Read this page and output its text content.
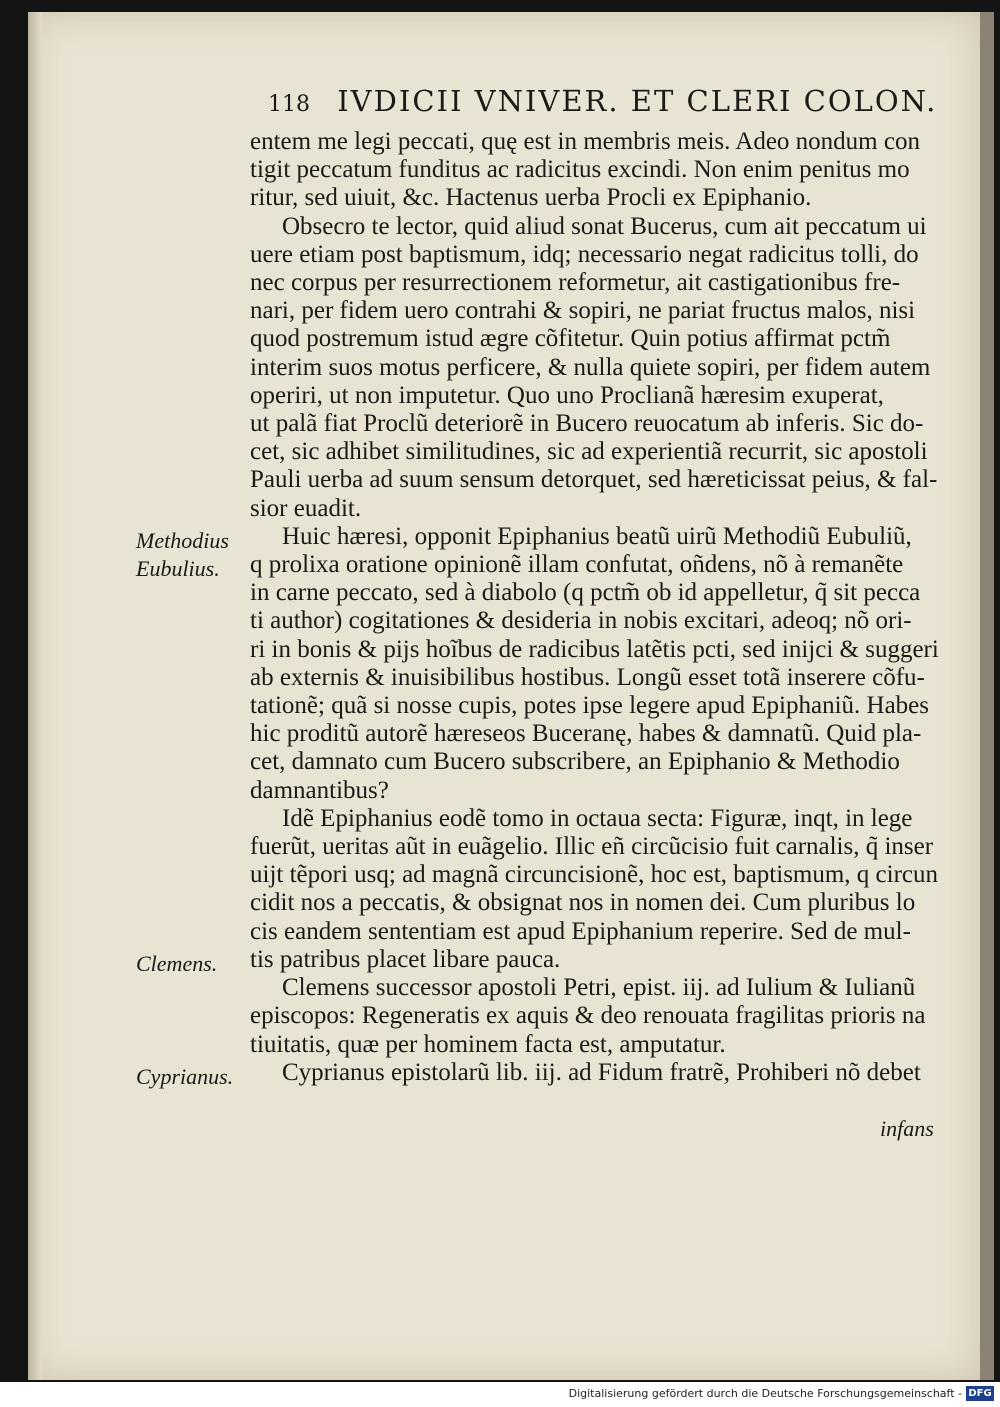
118 IVDICII VNIVER. ET CLERI COLON.
entem me legi peccati, quę est in membris meis. Adeo nondum con
tigit peccatum funditus ac radicitus excindi. Non enim penitus mo
ritur, sed uiuit, &c. Hactenus uerba Procli ex Epiphanio.
Obsecro te lector, quid aliud sonat Bucerus, cum ait peccatum ui
uere etiam post baptismum, idq; necessario negat radicitus tolli, do
nec corpus per resurrectionem reformetur, ait castigationibus fre-
nari, per fidem uero contrahi & sopiri, ne pariat fructus malos, nisi
quod postremum istud ægre cõfitetur. Quin potius affirmat pctm̃
interim suos motus perficere, & nulla quiete sopiri, per fidem autem
operiri, ut non imputetur. Quo uno Proclianã hæresim exuperat,
ut palã fiat Proclũ deteriorẽ in Bucero reuocatum ab inferis. Sic do-
cet, sic adhibet similitudines, sic ad experientiã recurrit, sic apostoli
Pauli uerba ad suum sensum detorquet, sed hæreticissat peius, & fal-
sior euadit.
Huic hæresi, opponit Epiphanius beatũ uirũ Methodiũ Eubuliũ,
q prolixa oratione opinionẽ illam confutat, oñdens, nõ à remanẽte
in carne peccato, sed à diabolo (q pctm̃ ob id appelletur, q̃ sit pecca
ti author) cogitationes & desideria in nobis excitari, adeoq; nõ ori-
ri in bonis & pijs hoĩbus de radicibus latẽtis pcti, sed inijci & suggeri
ab externis & inuisibilibus hostibus. Longũ esset totã inserere cõfu-
tationẽ; quã si nosse cupis, potes ipse legere apud Epiphaniũ. Habes
hic proditũ autorẽ hæreseos Buceranę, habes & damnatũ. Quid pla-
cet, damnato cum Bucero subscribere, an Epiphanio & Methodio
damnantibus?
Idẽ Epiphanius eodẽ tomo in octaua secta: Figuræ, inqt, in lege
fuerũt, ueritas aũt in euãgelio. Illic eñ circũcisio fuit carnalis, q̃ inser
uijt tẽpori usq; ad magnã circuncisionẽ, hoc est, baptismum, q circun
cidit nos a peccatis, & obsignat nos in nomen dei. Cum pluribus lo
cis eandem sententiam est apud Epiphanium reperire. Sed de mul-
tis patribus placet libare pauca.
Clemens successor apostoli Petri, epist. iij. ad Iulium & Iulianũ
episcopos: Regeneratis ex aquis & deo renouata fragilitas prioris na
tiuitatis, quæ per hominem facta est, amputatur.
Cyprianus epistolarũ lib. iij. ad Fidum fratrẽ, Prohiberi nõ debet
Methodius
Eubulius.
Clemens.
Cyprianus.
infans
Digitalisierung gefördert durch die Deutsche Forschungsgemeinschaft - DFG
